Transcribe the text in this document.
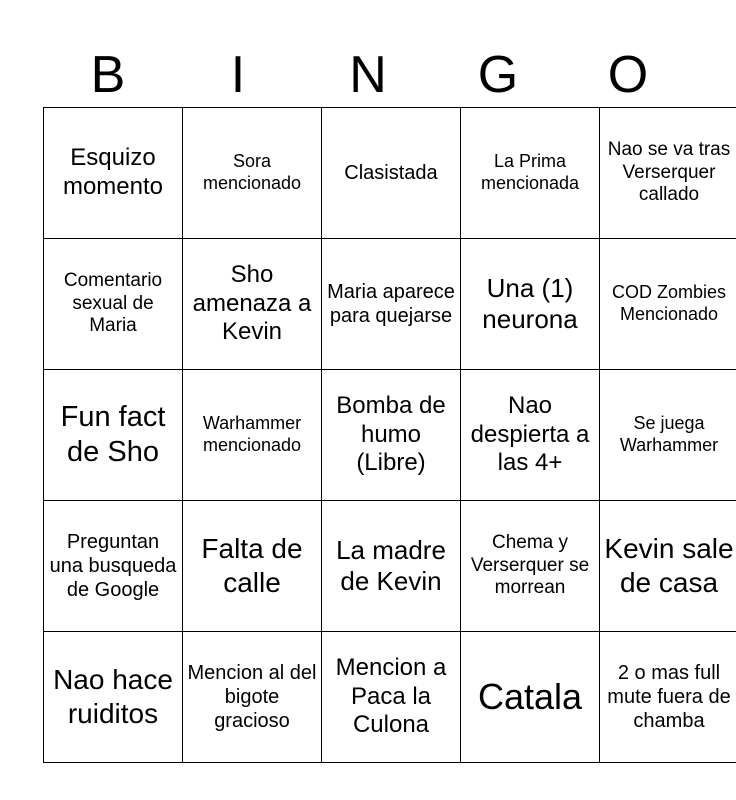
B	I	N	G	O
Esquizo momento	Sora mencionado	Clasistada	La Prima mencionada	Nao se va tras Verserquer callado
Comentario sexual de Maria	Sho amenaza a Kevin	Maria aparece para quejarse	Una (1) neurona	COD Zombies Mencionado
Fun fact de Sho	Warhammer mencionado	Bomba de humo (Libre)	Nao despierta a las 4+	Se juega Warhammer
Preguntan una busqueda de Google	Falta de calle	La madre de Kevin	Chema y Verserquer se morrean	Kevin sale de casa
Nao hace ruiditos	Mencion al del bigote gracioso	Mencion a Paca la Culona	Catala	2 o mas full mute fuera de chamba
